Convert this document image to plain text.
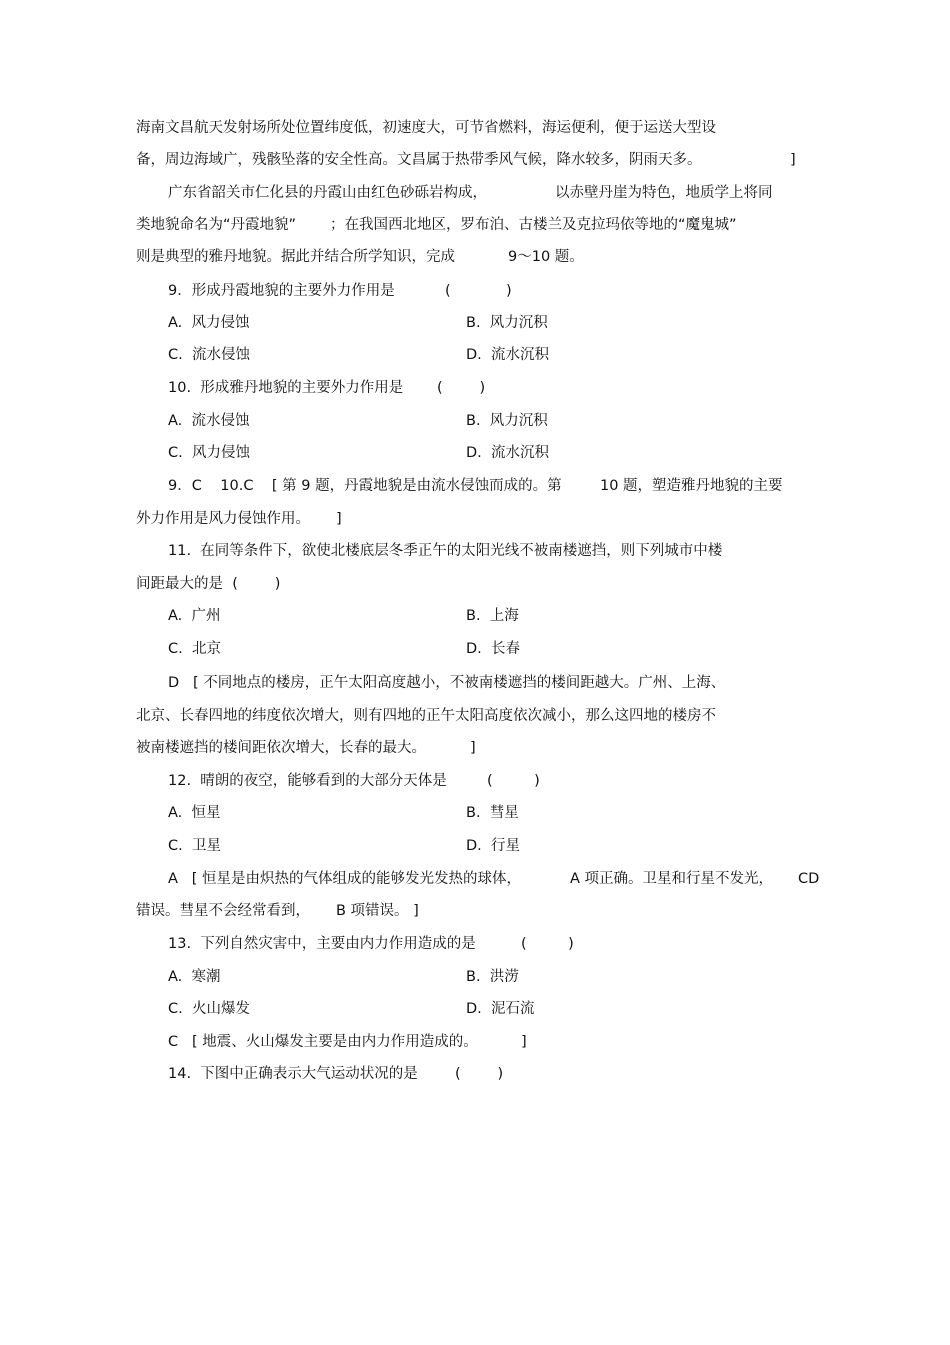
海南文昌航天发射场所处位置纬度低，初速度大，可节省燃料，海运便利，便于运送大型设
备，周边海域广，残骸坠落的安全性高。文昌属于热带季风气候，降水较多，阴雨天多。	]
广东省韶关市仁化县的丹霞山由红色砂砾岩构成，	以赤壁丹崖为特色，地质学上将同
类地貌命名为“丹霞地貌” ；在我国西北地区，罗布泊、古楼兰及克拉玛依等地的“魔鬼城”
则是典型的雅丹地貌。据此并结合所学知识，完成	9～10 题。
9．形成丹霞地貌的主要外力作用是	(            )
A.  风力侵蚀	B.  风力沉积
C.  流水侵蚀	D.  流水沉积
10.  形成雅丹地貌的主要外力作用是 (        )
A.  流水侵蚀	B.  风力沉积
C.  风力侵蚀	D.  流水沉积
9．C    10.C    [ 第 9 题，丹霞地貌是由流水侵蚀而成的。第	10 题，塑造雅丹地貌的主要
外力作用是风力侵蚀作用。 ]
11.  在同等条件下，欲使北楼底层冬季正午的太阳光线不被南楼遮挡，则下列城市中楼
间距最大的是  (        )
A.  广州	B.  上海
C.  北京	D.  长春
D   [ 不同地点的楼房，正午太阳高度越小，不被南楼遮挡的楼间距越大。广州、上海、
北京、长春四地的纬度依次增大，则有四地的正午太阳高度依次减小，那么这四地的楼房不
被南楼遮挡的楼间距依次增大，长春的最大。	]
12.  晴朗的夜空，能够看到的大部分天体是	(         )
A.  恒星	B.  彗星
C.  卫星	D.  行星
A   [ 恒星是由炽热的气体组成的能够发光发热的球体，	A 项正确。卫星和行星不发光， CD
错误。彗星不会经常看到， B 项错误。 ]
13.  下列自然灾害中，主要由内力作用造成的是	(         )
A.  寒潮	B.  洪涝
C.  火山爆发	D.  泥石流
C   [ 地震、火山爆发主要是由内力作用造成的。	]
14.  下图中正确表示大气运动状况的是	(        )
